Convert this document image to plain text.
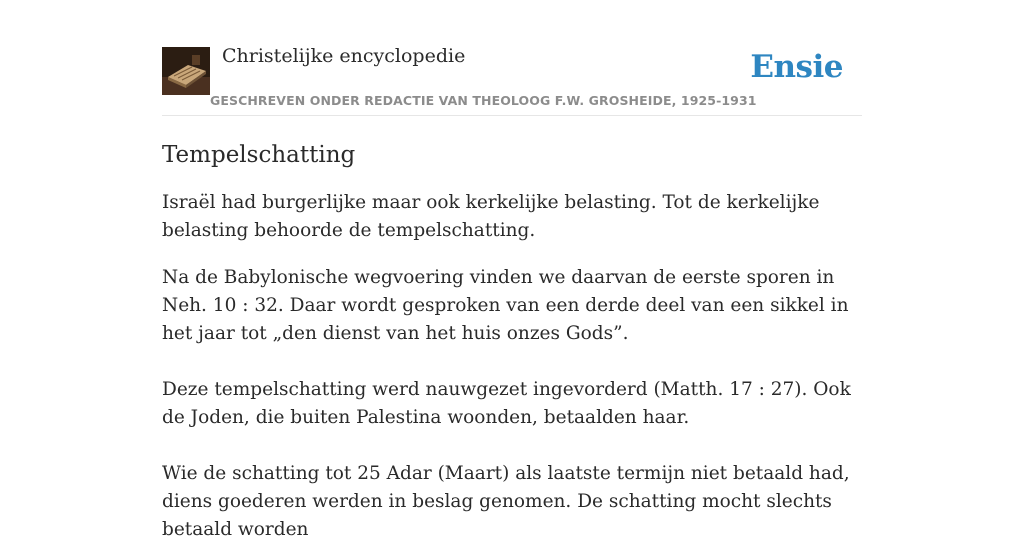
Christelijke encyclopedie
GESCHREVEN ONDER REDACTIE VAN THEOLOOG F.W. GROSHEIDE, 1925-1931
Ensie
Tempelschatting

Israël had burgerlijke maar ook kerkelijke belasting. Tot de kerkelijke belasting behoorde de tempelschatting.

Na de Babylonische wegvoering vinden we daarvan de eerste sporen in Neh. 10 : 32. Daar wordt gesproken van een derde deel van een sikkel in het jaar tot „den dienst van het huis onzes Gods”.

Deze tempelschatting werd nauwgezet ingevorderd (Matth. 17 : 27). Ook de Joden, die buiten Palestina woonden, betaalden haar.

Wie de schatting tot 25 Adar (Maart) als laatste termijn niet betaald had, diens goederen werden in beslag genomen. De schatting mocht slechts betaald worden
